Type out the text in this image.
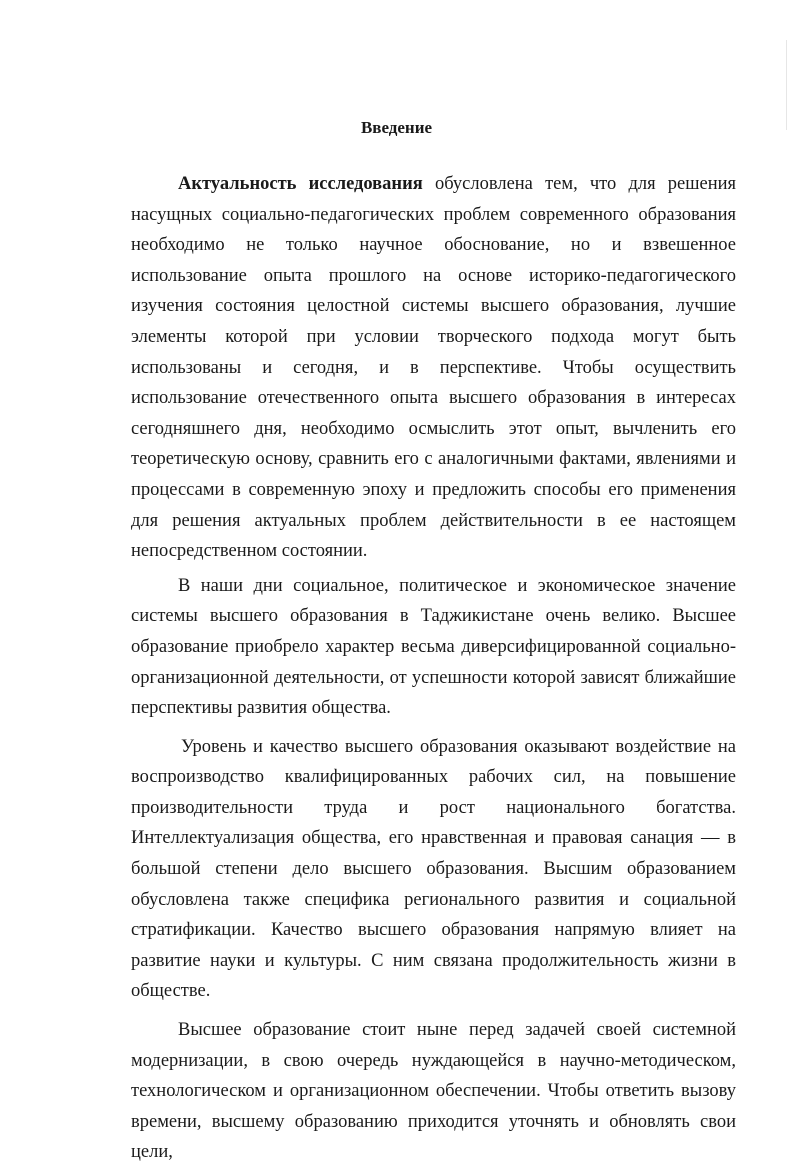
Введение

Актуальность исследования обусловлена тем, что для решения насущных социально-педагогических проблем современного образования необходимо не только научное обоснование, но и взвешенное использование опыта прошлого на основе историко-педагогического изучения состояния целостной системы высшего образования, лучшие элементы которой при условии творческого подхода могут быть использованы и сегодня, и в перспективе. Чтобы осуществить использование отечественного опыта высшего образования в интересах сегодняшнего дня, необходимо осмыслить этот опыт, вычленить его теоретическую основу, сравнить его с аналогичными фактами, явлениями и процессами в современную эпоху и предложить способы его применения для решения актуальных проблем действительности в ее настоящем непосредственном состоянии.

В наши дни социальное, политическое и экономическое значение системы высшего образования в Таджикистане очень велико. Высшее образование приобрело характер весьма диверсифицированной социально-организационной деятельности, от успешности которой зависят ближайшие перспективы развития общества.

Уровень и качество высшего образования оказывают воздействие на воспроизводство квалифицированных рабочих сил, на повышение производительности труда и рост национального богатства. Интеллектуализация общества, его нравственная и правовая санация — в большой степени дело высшего образования. Высшим образованием обусловлена также специфика регионального развития и социальной стратификации. Качество высшего образования напрямую влияет на развитие науки и культуры. С ним связана продолжительность жизни в обществе.

Высшее образование стоит ныне перед задачей своей системной модернизации, в свою очередь нуждающейся в научно-методическом, технологическом и организационном обеспечении. Чтобы ответить вызову времени, высшему образованию приходится уточнять и обновлять свои цели,
